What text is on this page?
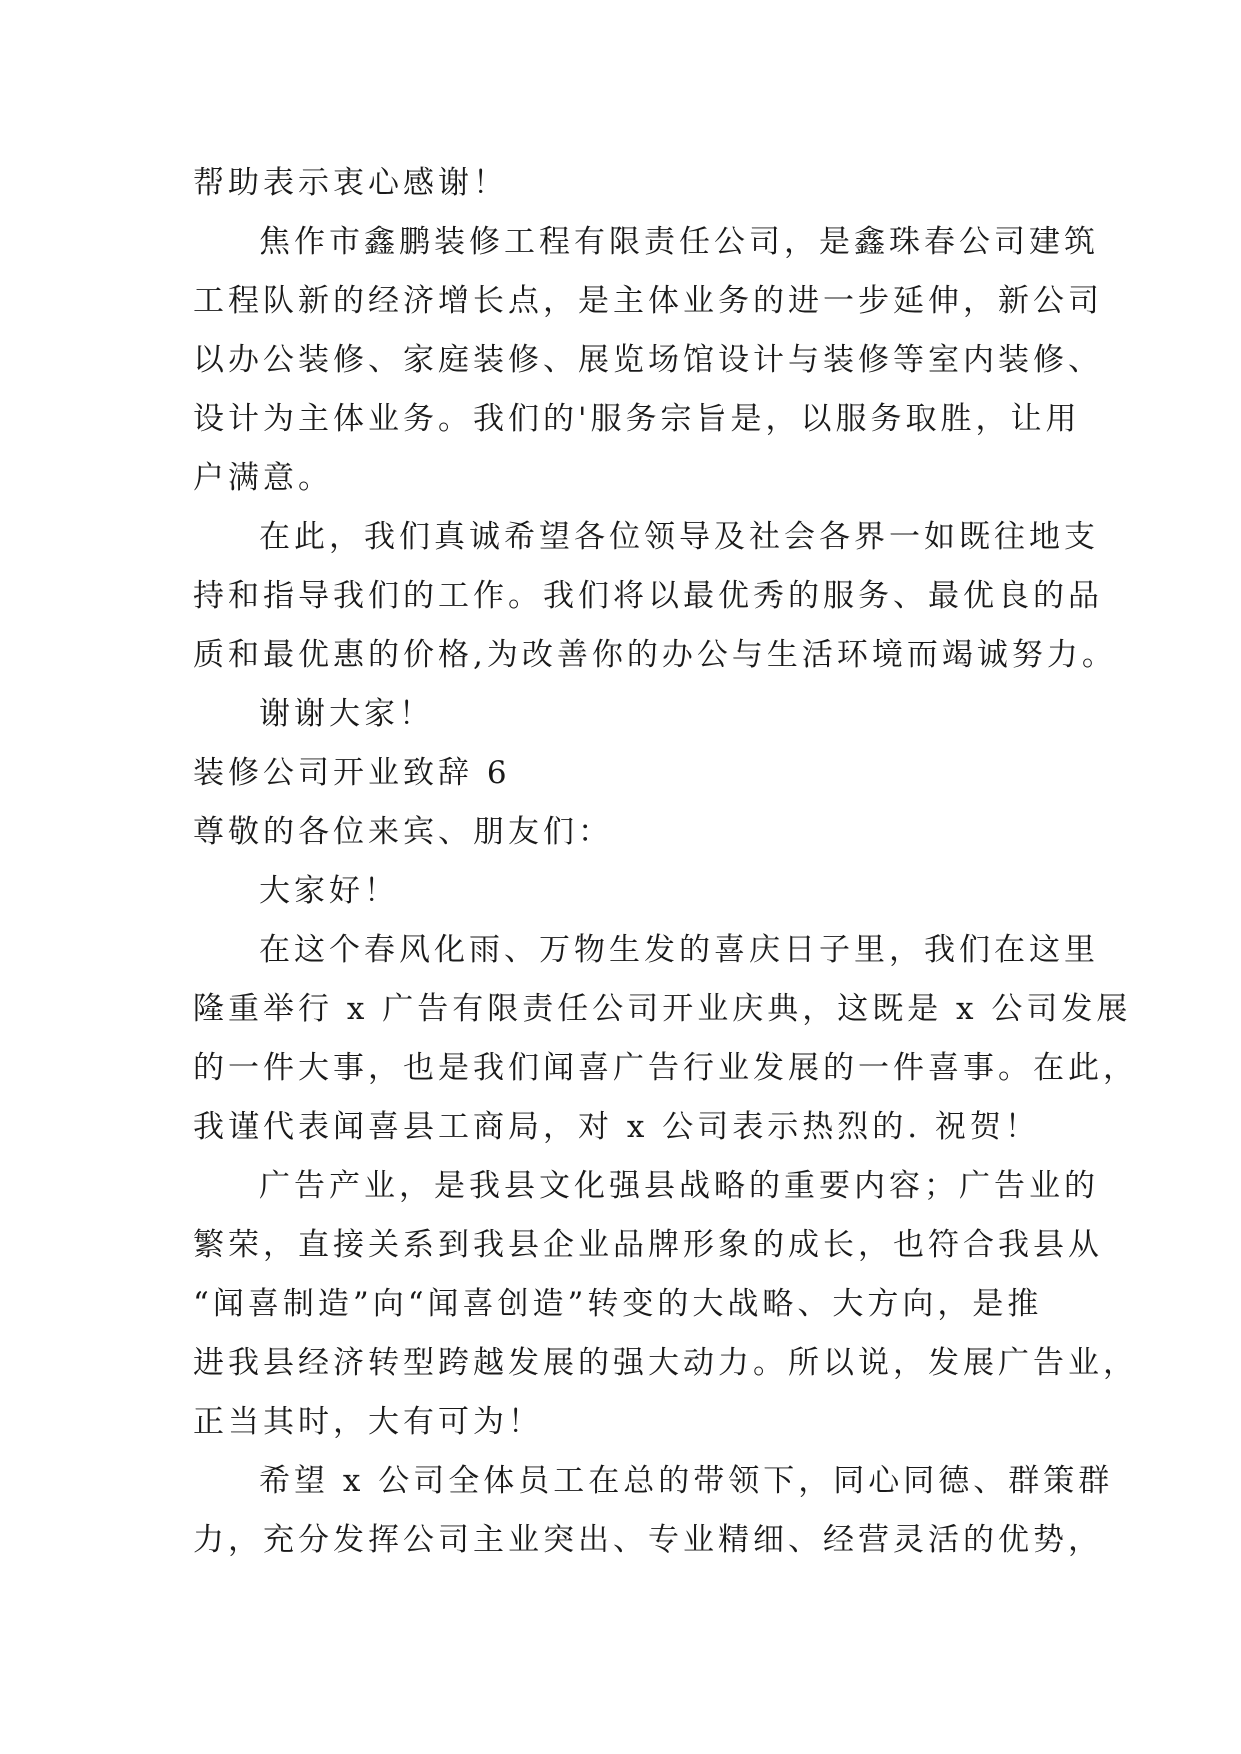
帮助表示衷心感谢！
焦作市鑫鹏装修工程有限责任公司，是鑫珠春公司建筑
工程队新的经济增长点，是主体业务的进一步延伸，新公司
以办公装修、家庭装修、展览场馆设计与装修等室内装修、
设计为主体业务。我们的'服务宗旨是，以服务取胜，让用
户满意。
在此，我们真诚希望各位领导及社会各界一如既往地支
持和指导我们的工作。我们将以最优秀的服务、最优良的品
质和最优惠的价格,为改善你的办公与生活环境而竭诚努力。
谢谢大家！
装修公司开业致辞 6
尊敬的各位来宾、朋友们：
大家好！
在这个春风化雨、万物生发的喜庆日子里，我们在这里
隆重举行 x 广告有限责任公司开业庆典，这既是 x 公司发展
的一件大事，也是我们闻喜广告行业发展的一件喜事。在此，
我谨代表闻喜县工商局，对 x 公司表示热烈的. 祝贺！
广告产业，是我县文化强县战略的重要内容；广告业的
繁荣，直接关系到我县企业品牌形象的成长，也符合我县从
“闻喜制造”向“闻喜创造”转变的大战略、大方向，是推
进我县经济转型跨越发展的强大动力。所以说，发展广告业，
正当其时，大有可为！
希望 x 公司全体员工在总的带领下，同心同德、群策群
力，充分发挥公司主业突出、专业精细、经营灵活的优势，
